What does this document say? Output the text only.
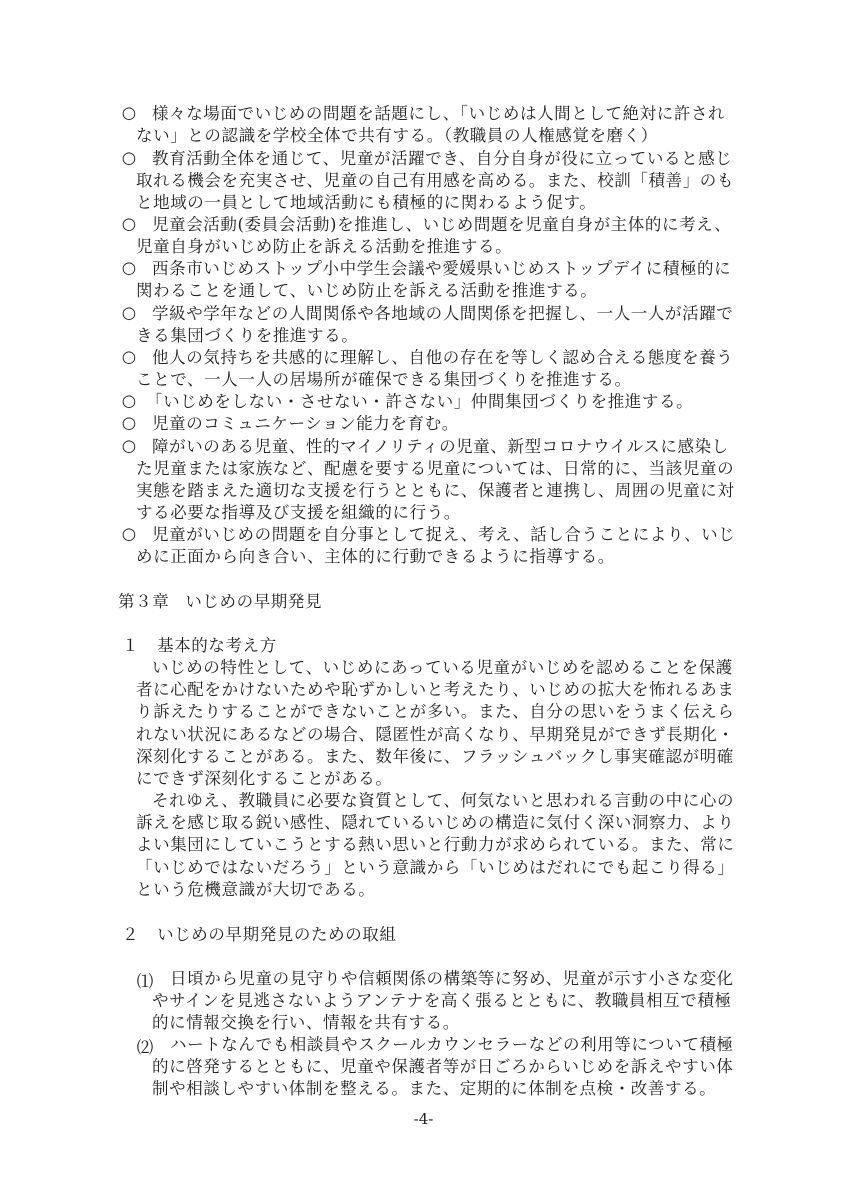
○ 様々な場面でいじめの問題を話題にし、「いじめは人間として絶対に許され
ない」との認識を学校全体で共有する。（教職員の人権感覚を磨く）
○ 教育活動全体を通じて、児童が活躍でき、自分自身が役に立っていると感じ
取れる機会を充実させ、児童の自己有用感を高める。また、校訓「積善」のも
と地域の一員として地域活動にも積極的に関わるよう促す。
○ 児童会活動(委員会活動)を推進し、いじめ問題を児童自身が主体的に考え、
児童自身がいじめ防止を訴える活動を推進する。
○ 西条市いじめストップ小中学生会議や愛媛県いじめストップデイに積極的に
関わることを通して、いじめ防止を訴える活動を推進する。
○ 学級や学年などの人間関係や各地域の人間関係を把握し、一人一人が活躍で
きる集団づくりを推進する。
○ 他人の気持ちを共感的に理解し、自他の存在を等しく認め合える態度を養う
ことで、一人一人の居場所が確保できる集団づくりを推進する。
○ 「いじめをしない・させない・許さない」仲間集団づくりを推進する。
○ 児童のコミュニケーション能力を育む。
○ 障がいのある児童、性的マイノリティの児童、新型コロナウイルスに感染し
た児童または家族など、配慮を要する児童については、日常的に、当該児童の
実態を踏まえた適切な支援を行うとともに、保護者と連携し、周囲の児童に対
する必要な指導及び支援を組織的に行う。
○ 児童がいじめの問題を自分事として捉え、考え、話し合うことにより、いじ
めに正面から向き合い、主体的に行動できるように指導する。
第３章 いじめの早期発見
１ 基本的な考え方
いじめの特性として、いじめにあっている児童がいじめを認めることを保護
者に心配をかけないためや恥ずかしいと考えたり、いじめの拡大を怖れるあま
り訴えたりすることができないことが多い。また、自分の思いをうまく伝えら
れない状況にあるなどの場合、隠匿性が高くなり、早期発見ができず長期化・
深刻化することがある。また、数年後に、フラッシュバックし事実確認が明確
にできず深刻化することがある。
それゆえ、教職員に必要な資質として、何気ないと思われる言動の中に心の
訴えを感じ取る鋭い感性、隠れているいじめの構造に気付く深い洞察力、より
よい集団にしていこうとする熱い思いと行動力が求められている。また、常に
「いじめではないだろう」という意識から「いじめはだれにでも起こり得る」
という危機意識が大切である。
２ いじめの早期発見のための取組
⑴ 日頃から児童の見守りや信頼関係の構築等に努め、児童が示す小さな変化
やサインを見逃さないようアンテナを高く張るとともに、教職員相互で積極
的に情報交換を行い、情報を共有する。
⑵ ハートなんでも相談員やスクールカウンセラーなどの利用等について積極
的に啓発するとともに、児童や保護者等が日ごろからいじめを訴えやすい体
制や相談しやすい体制を整える。また、定期的に体制を点検・改善する。
-4-
